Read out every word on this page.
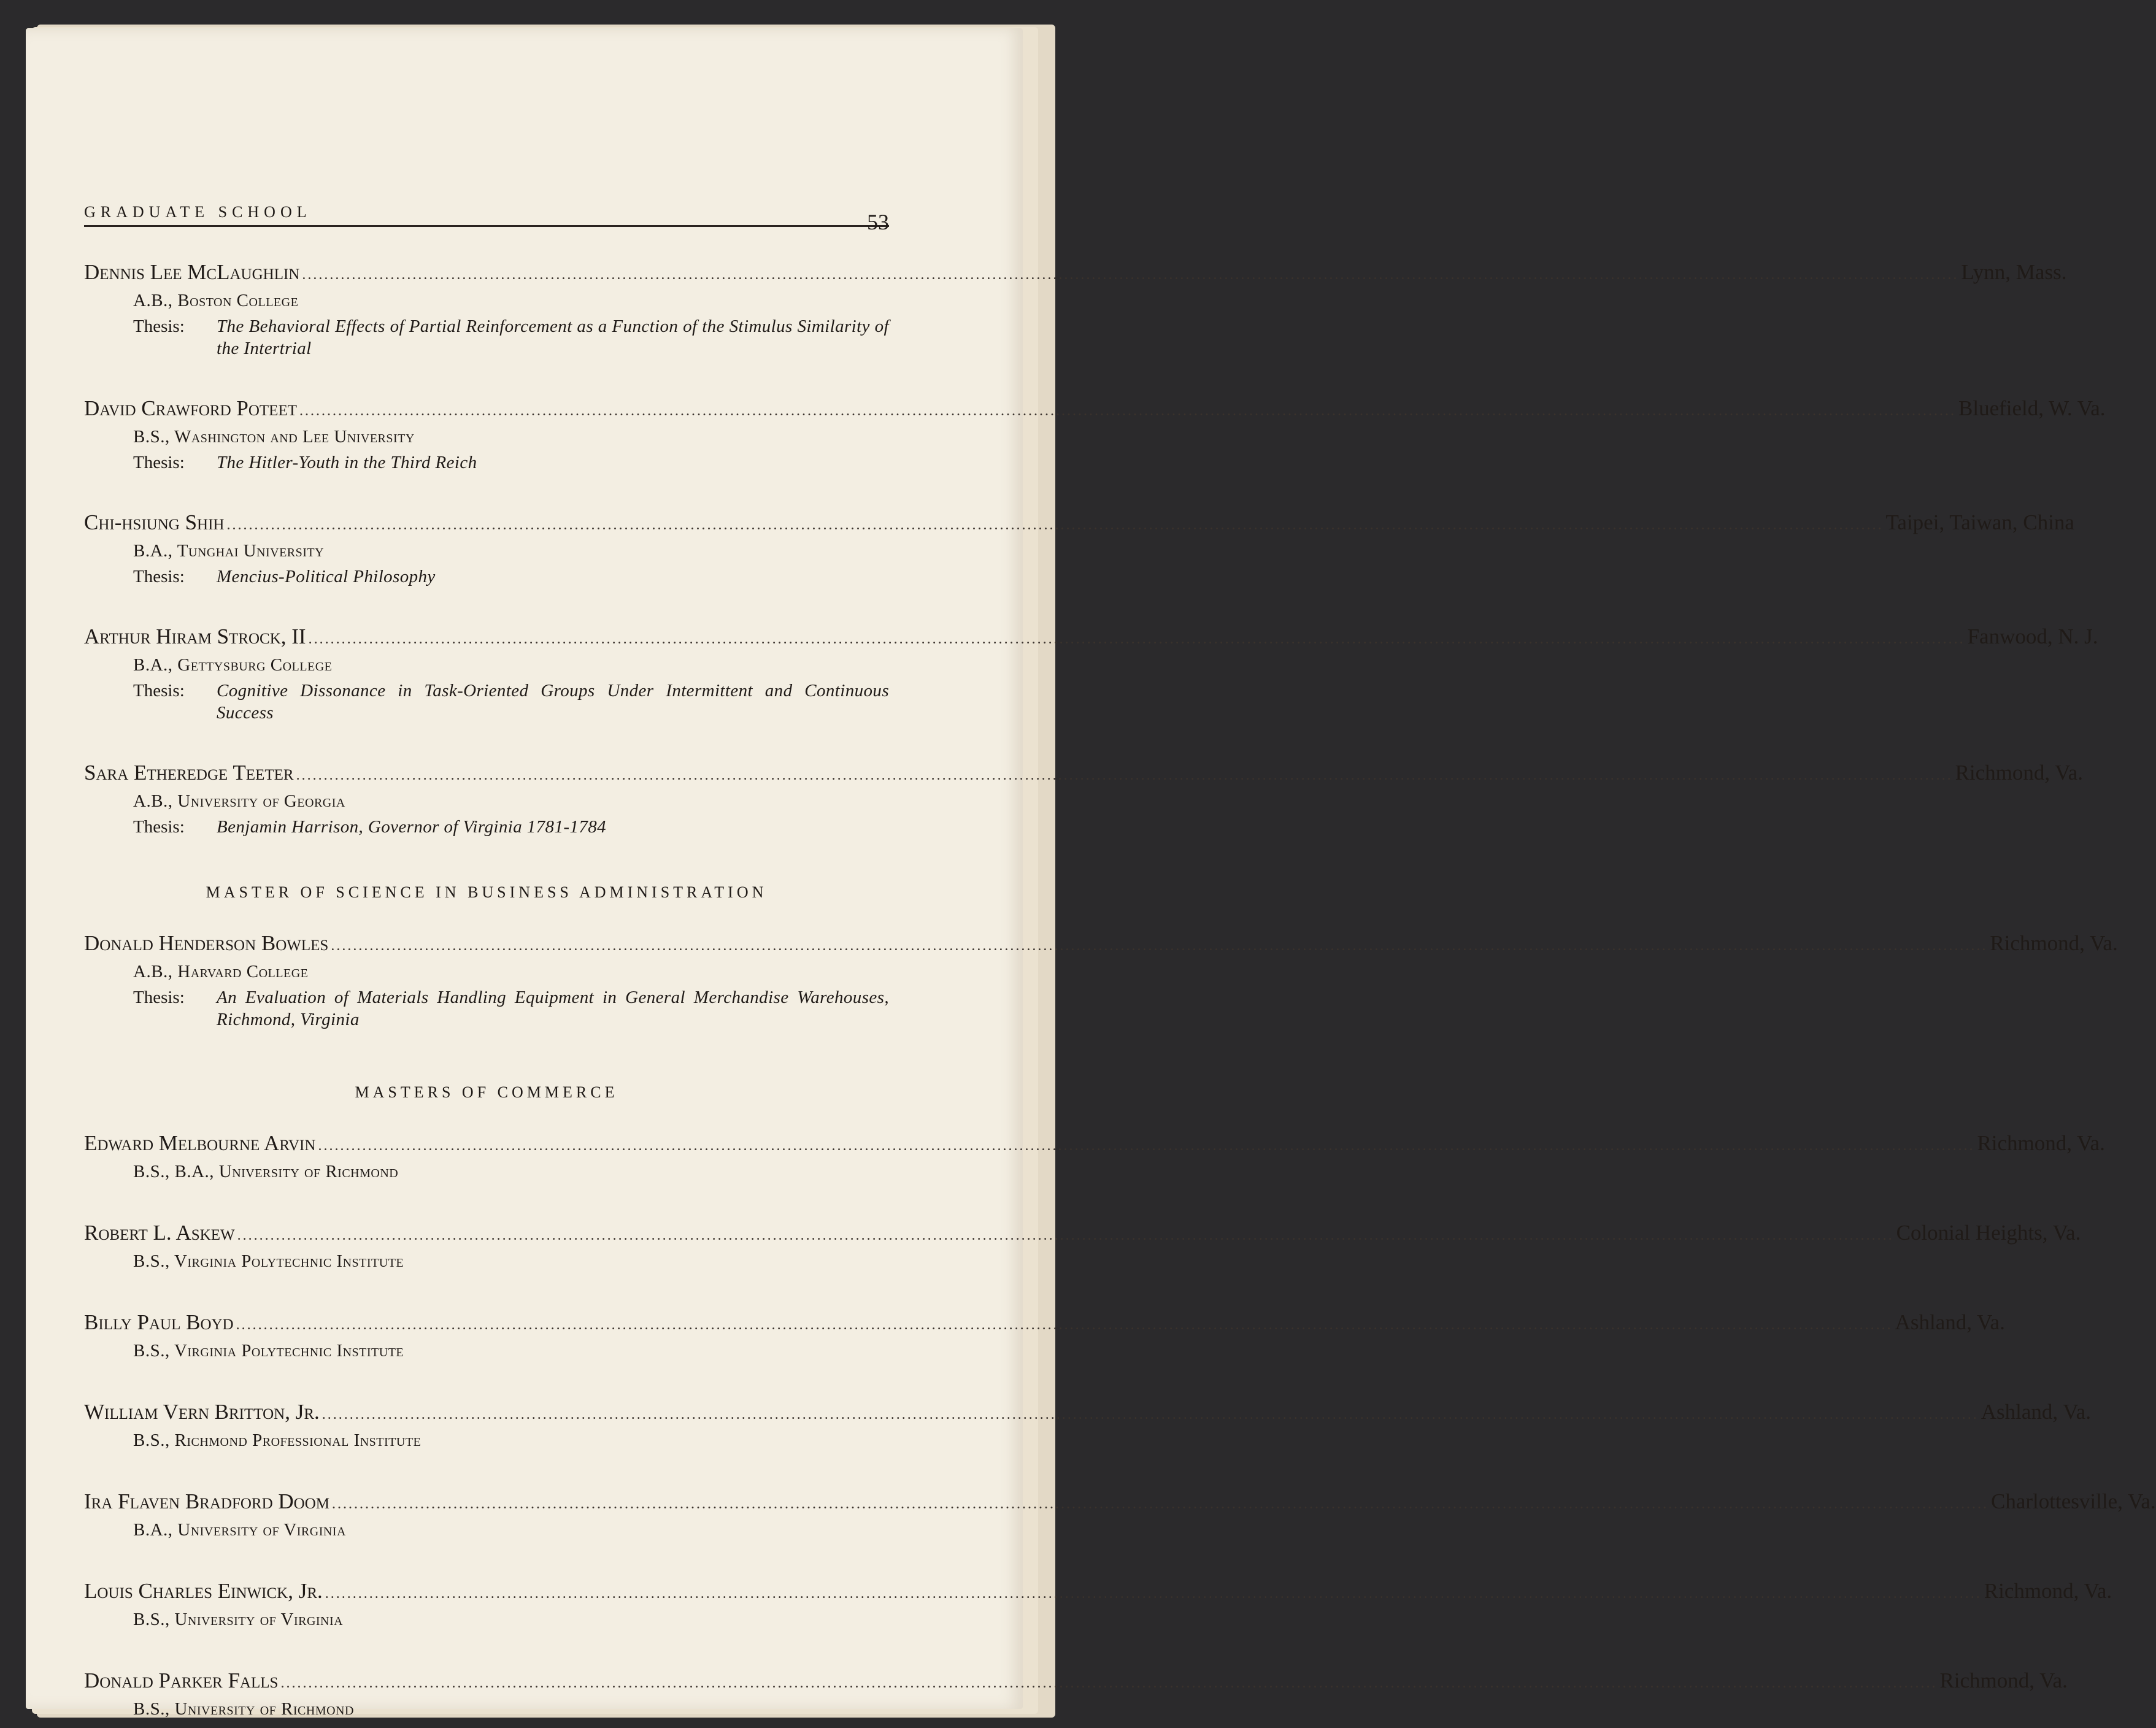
GRADUATE SCHOOL	53
Dennis Lee McLaughlin ............................................................................................................................................................................................................................................................................................................ Lynn, Mass.
A.B., Boston College
Thesis:	The Behavioral Effects of Partial Reinforcement as a Function of the Stimulus Similarity of the Intertrial
David Crawford Poteet ............................................................................................................................................................................................................................................................................................................ Bluefield, W. Va.
B.S., Washington and Lee University
Thesis:	The Hitler-Youth in the Third Reich
Chi-hsiung Shih ............................................................................................................................................................................................................................................................................................................ Taipei, Taiwan, China
B.A., Tunghai University
Thesis:	Mencius-Political Philosophy
Arthur Hiram Strock, II ............................................................................................................................................................................................................................................................................................................ Fanwood, N. J.
B.A., Gettysburg College
Thesis:	Cognitive Dissonance in Task-Oriented Groups Under Intermittent and Continuous Success
Sara Etheredge Teeter ............................................................................................................................................................................................................................................................................................................ Richmond, Va.
A.B., University of Georgia
Thesis:	Benjamin Harrison, Governor of Virginia 1781-1784
MASTER OF SCIENCE IN BUSINESS ADMINISTRATION
Donald Henderson Bowles ............................................................................................................................................................................................................................................................................................................ Richmond, Va.
A.B., Harvard College
Thesis:	An Evaluation of Materials Handling Equipment in General Merchandise Warehouses, Richmond, Virginia
MASTERS OF COMMERCE
Edward Melbourne Arvin ............................................................................................................................................................................................................................................................................................................ Richmond, Va.
B.S., B.A., University of Richmond
Robert L. Askew ............................................................................................................................................................................................................................................................................................................ Colonial Heights, Va.
B.S., Virginia Polytechnic Institute
Billy Paul Boyd ............................................................................................................................................................................................................................................................................................................ Ashland, Va.
B.S., Virginia Polytechnic Institute
William Vern Britton, Jr. ............................................................................................................................................................................................................................................................................................................ Ashland, Va.
B.S., Richmond Professional Institute
Ira Flaven Bradford Doom ............................................................................................................................................................................................................................................................................................................ Charlottesville, Va.
B.A., University of Virginia
Louis Charles Einwick, Jr. ............................................................................................................................................................................................................................................................................................................ Richmond, Va.
B.S., University of Virginia
Donald Parker Falls ............................................................................................................................................................................................................................................................................................................ Richmond, Va.
B.S., University of Richmond
